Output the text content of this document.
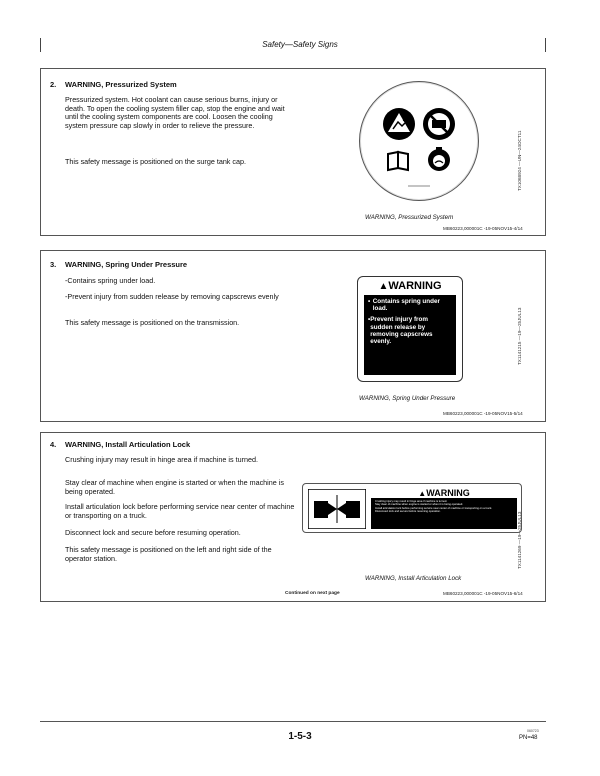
Safety—Safety Signs
2. WARNING, Pressurized System
Pressurized system. Hot coolant can cause serious burns, injury or death. To open the cooling system filler cap, stop the engine and wait until the cooling system components are cool. Loosen the cooling system pressure cap slowly in order to relieve the pressure.
This safety message is positioned on the surge tank cap.	TX1068924 —UN—24OCT11
WARNING, Pressurized System
MB60223,000001C -19-05NOV15-4/14
3. WARNING, Spring Under Pressure
-Contains spring under load.
-Prevent injury from sudden release by removing capscrews evenly
This safety message is positioned on the transmission.
▲WARNING
• Contains spring under load.
• Prevent injury from sudden release by removing capscrews evenly.	TX1141215 —19—25JUL13
WARNING, Spring Under Pressure
MB60223,000001C -19-05NOV15-5/14
4. WARNING, Install Articulation Lock
Crushing injury may result in hinge area if machine is turned.
Stay clear of machine when engine is started or when the machine is being operated.
Install articulation lock before performing service near center of machine or transporting on a truck.
Disconnect lock and secure before resuming operation.
This safety message is positioned on the left and right side of the operator station.
▲WARNING
Crushing injury may result in hinge area if machine is turned.
Stay clear of machine when engine is started or when it is being operated.
Install articulation lock before performing service near center of machine or transporting on a truck.
Disconnect lock and secure before resuming operation.
TX1141269 —19—25JUL13
WARNING, Install Articulation Lock
Continued on next page	MB60223,000001C -19-05NOV15-6/14
1-5-3	060723
PN=48
